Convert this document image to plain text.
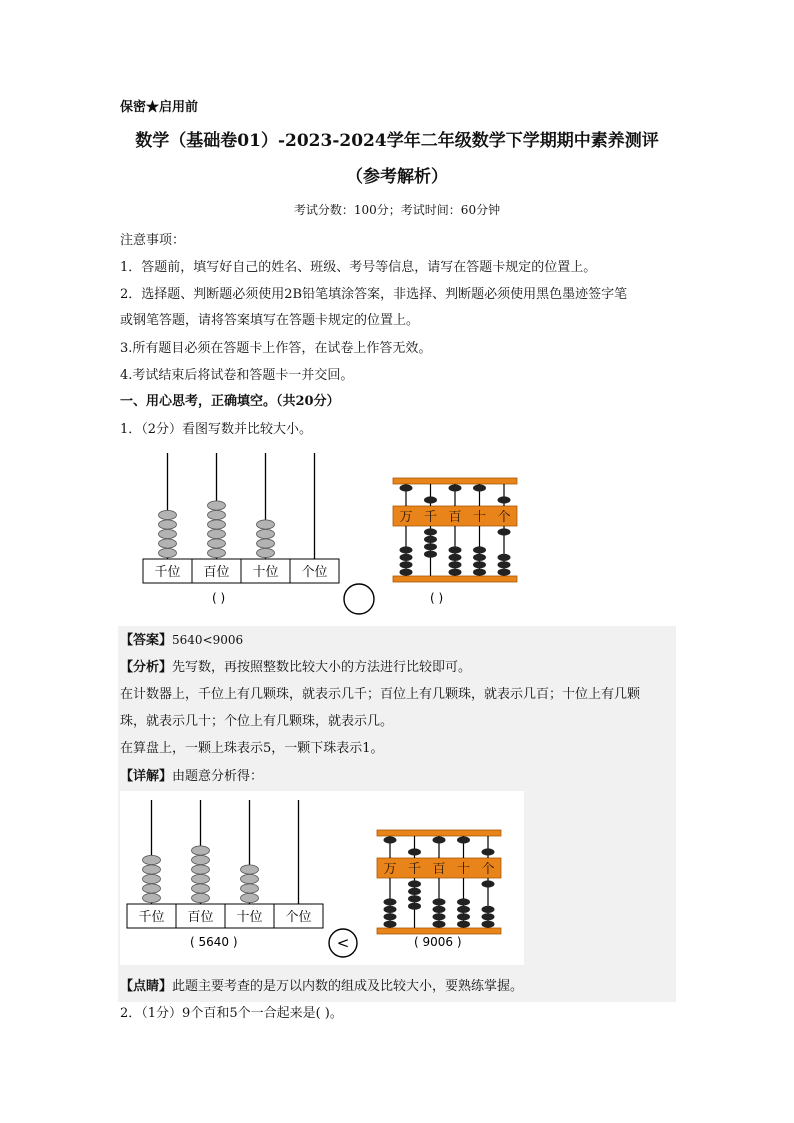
保密★启用前
数学（基础卷01）-2023-2024学年二年级数学下学期期中素养测评
（参考解析）
考试分数：100分；考试时间：60分钟
注意事项：
1．答题前，填写好自己的姓名、班级、考号等信息，请写在答题卡规定的位置上。
2．选择题、判断题必须使用2B铅笔填涂答案，非选择、判断题必须使用黑色墨迹签字笔
或钢笔答题，请将答案填写在答题卡规定的位置上。
3.所有题目必须在答题卡上作答，在试卷上作答无效。
4.考试结束后将试卷和答题卡一并交回。
一、用心思考，正确填空。（共20分）
1．（2分）看图写数并比较大小。
千位 百位 十位 个位
万 千 百 十 个
( )	( )
【答案】5640<9006
【分析】先写数，再按照整数比较大小的方法进行比较即可。
在计数器上，千位上有几颗珠，就表示几千；百位上有几颗珠，就表示几百；十位上有几颗
珠，就表示几十；个位上有几颗珠，就表示几。
在算盘上，一颗上珠表示5，一颗下珠表示1。
【详解】由题意分析得：
千位 百位 十位 个位
<
万 千 百 十 个
( 5640 )	( 9006 )
【点睛】此题主要考查的是万以内数的组成及比较大小，要熟练掌握。
2．（1分）9个百和5个一合起来是( )。
